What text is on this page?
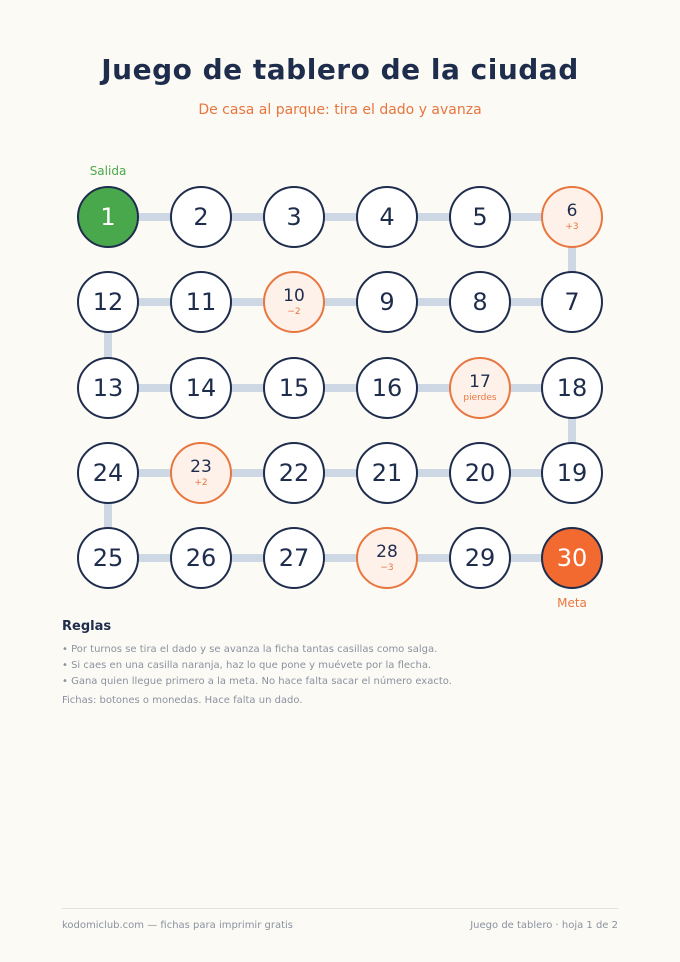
Juego de tablero de la ciudad
De casa al parque: tira el dado y avanza
1
Salida
2	3	4	5	6
+3
7
8
9
10
−2
11
12
13	14	15	16	17
pierdes	18
19
20
21
22
23
+2
24
25	26	27	28
−3	29	30
Meta
Reglas
• Por turnos se tira el dado y se avanza la ficha tantas casillas como salga.
• Si caes en una casilla naranja, haz lo que pone y muévete por la flecha.
• Gana quien llegue primero a la meta. No hace falta sacar el número exacto.
Fichas: botones o monedas. Hace falta un dado.
kodomiclub.com — fichas para imprimir gratis	Juego de tablero · hoja 1 de 2
